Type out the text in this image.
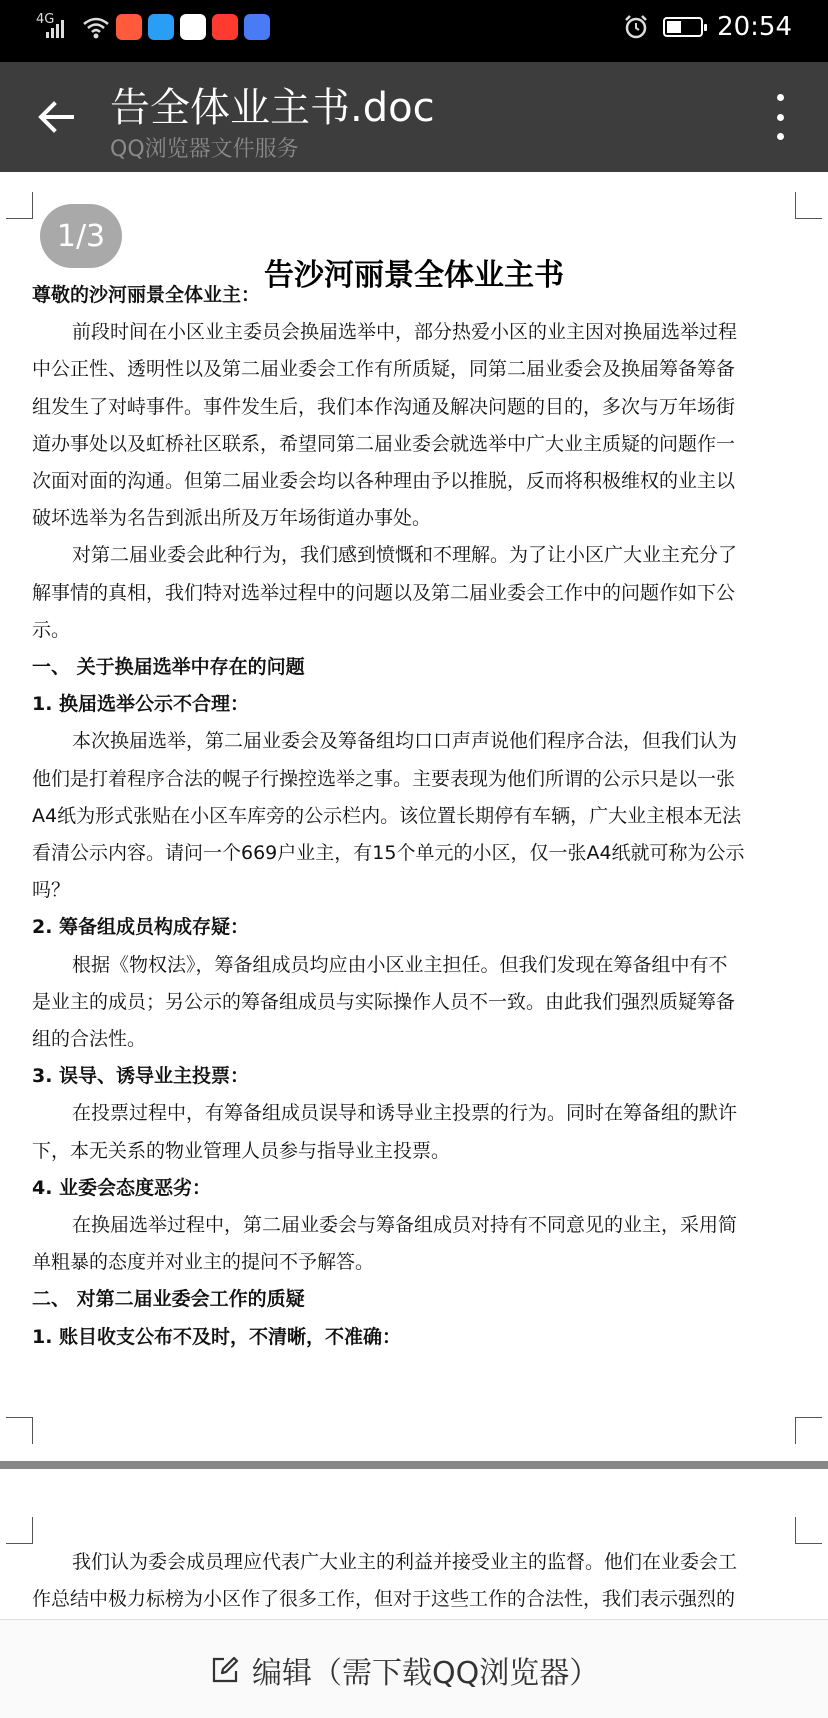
4G	20:54
告全体业主书.doc
QQ浏览器文件服务
1/3
告沙河丽景全体业主书
尊敬的沙河丽景全体业主：
前段时间在小区业主委员会换届选举中，部分热爱小区的业主因对换届选举过程
中公正性、透明性以及第二届业委会工作有所质疑，同第二届业委会及换届筹备筹备
组发生了对峙事件。事件发生后，我们本作沟通及解决问题的目的，多次与万年场街
道办事处以及虹桥社区联系，希望同第二届业委会就选举中广大业主质疑的问题作一
次面对面的沟通。但第二届业委会均以各种理由予以推脱，反而将积极维权的业主以
破坏选举为名告到派出所及万年场街道办事处。
对第二届业委会此种行为，我们感到愤慨和不理解。为了让小区广大业主充分了
解事情的真相，我们特对选举过程中的问题以及第二届业委会工作中的问题作如下公
示。
一、 关于换届选举中存在的问题
1. 换届选举公示不合理：
本次换届选举，第二届业委会及筹备组均口口声声说他们程序合法，但我们认为
他们是打着程序合法的幌子行操控选举之事。主要表现为他们所谓的公示只是以一张
A4纸为形式张贴在小区车库旁的公示栏内。该位置长期停有车辆，广大业主根本无法
看清公示内容。请问一个669户业主，有15个单元的小区，仅一张A4纸就可称为公示
吗？
2. 筹备组成员构成存疑：
根据《物权法》，筹备组成员均应由小区业主担任。但我们发现在筹备组中有不
是业主的成员；另公示的筹备组成员与实际操作人员不一致。由此我们强烈质疑筹备
组的合法性。
3. 误导、诱导业主投票：
在投票过程中，有筹备组成员误导和诱导业主投票的行为。同时在筹备组的默许
下，本无关系的物业管理人员参与指导业主投票。
4. 业委会态度恶劣：
在换届选举过程中，第二届业委会与筹备组成员对持有不同意见的业主，采用简
单粗暴的态度并对业主的提问不予解答。
二、 对第二届业委会工作的质疑
1. 账目收支公布不及时，不清晰，不准确：
我们认为委会成员理应代表广大业主的利益并接受业主的监督。他们在业委会工
作总结中极力标榜为小区作了很多工作，但对于这些工作的合法性，我们表示强烈的
编辑（需下载QQ浏览器）
